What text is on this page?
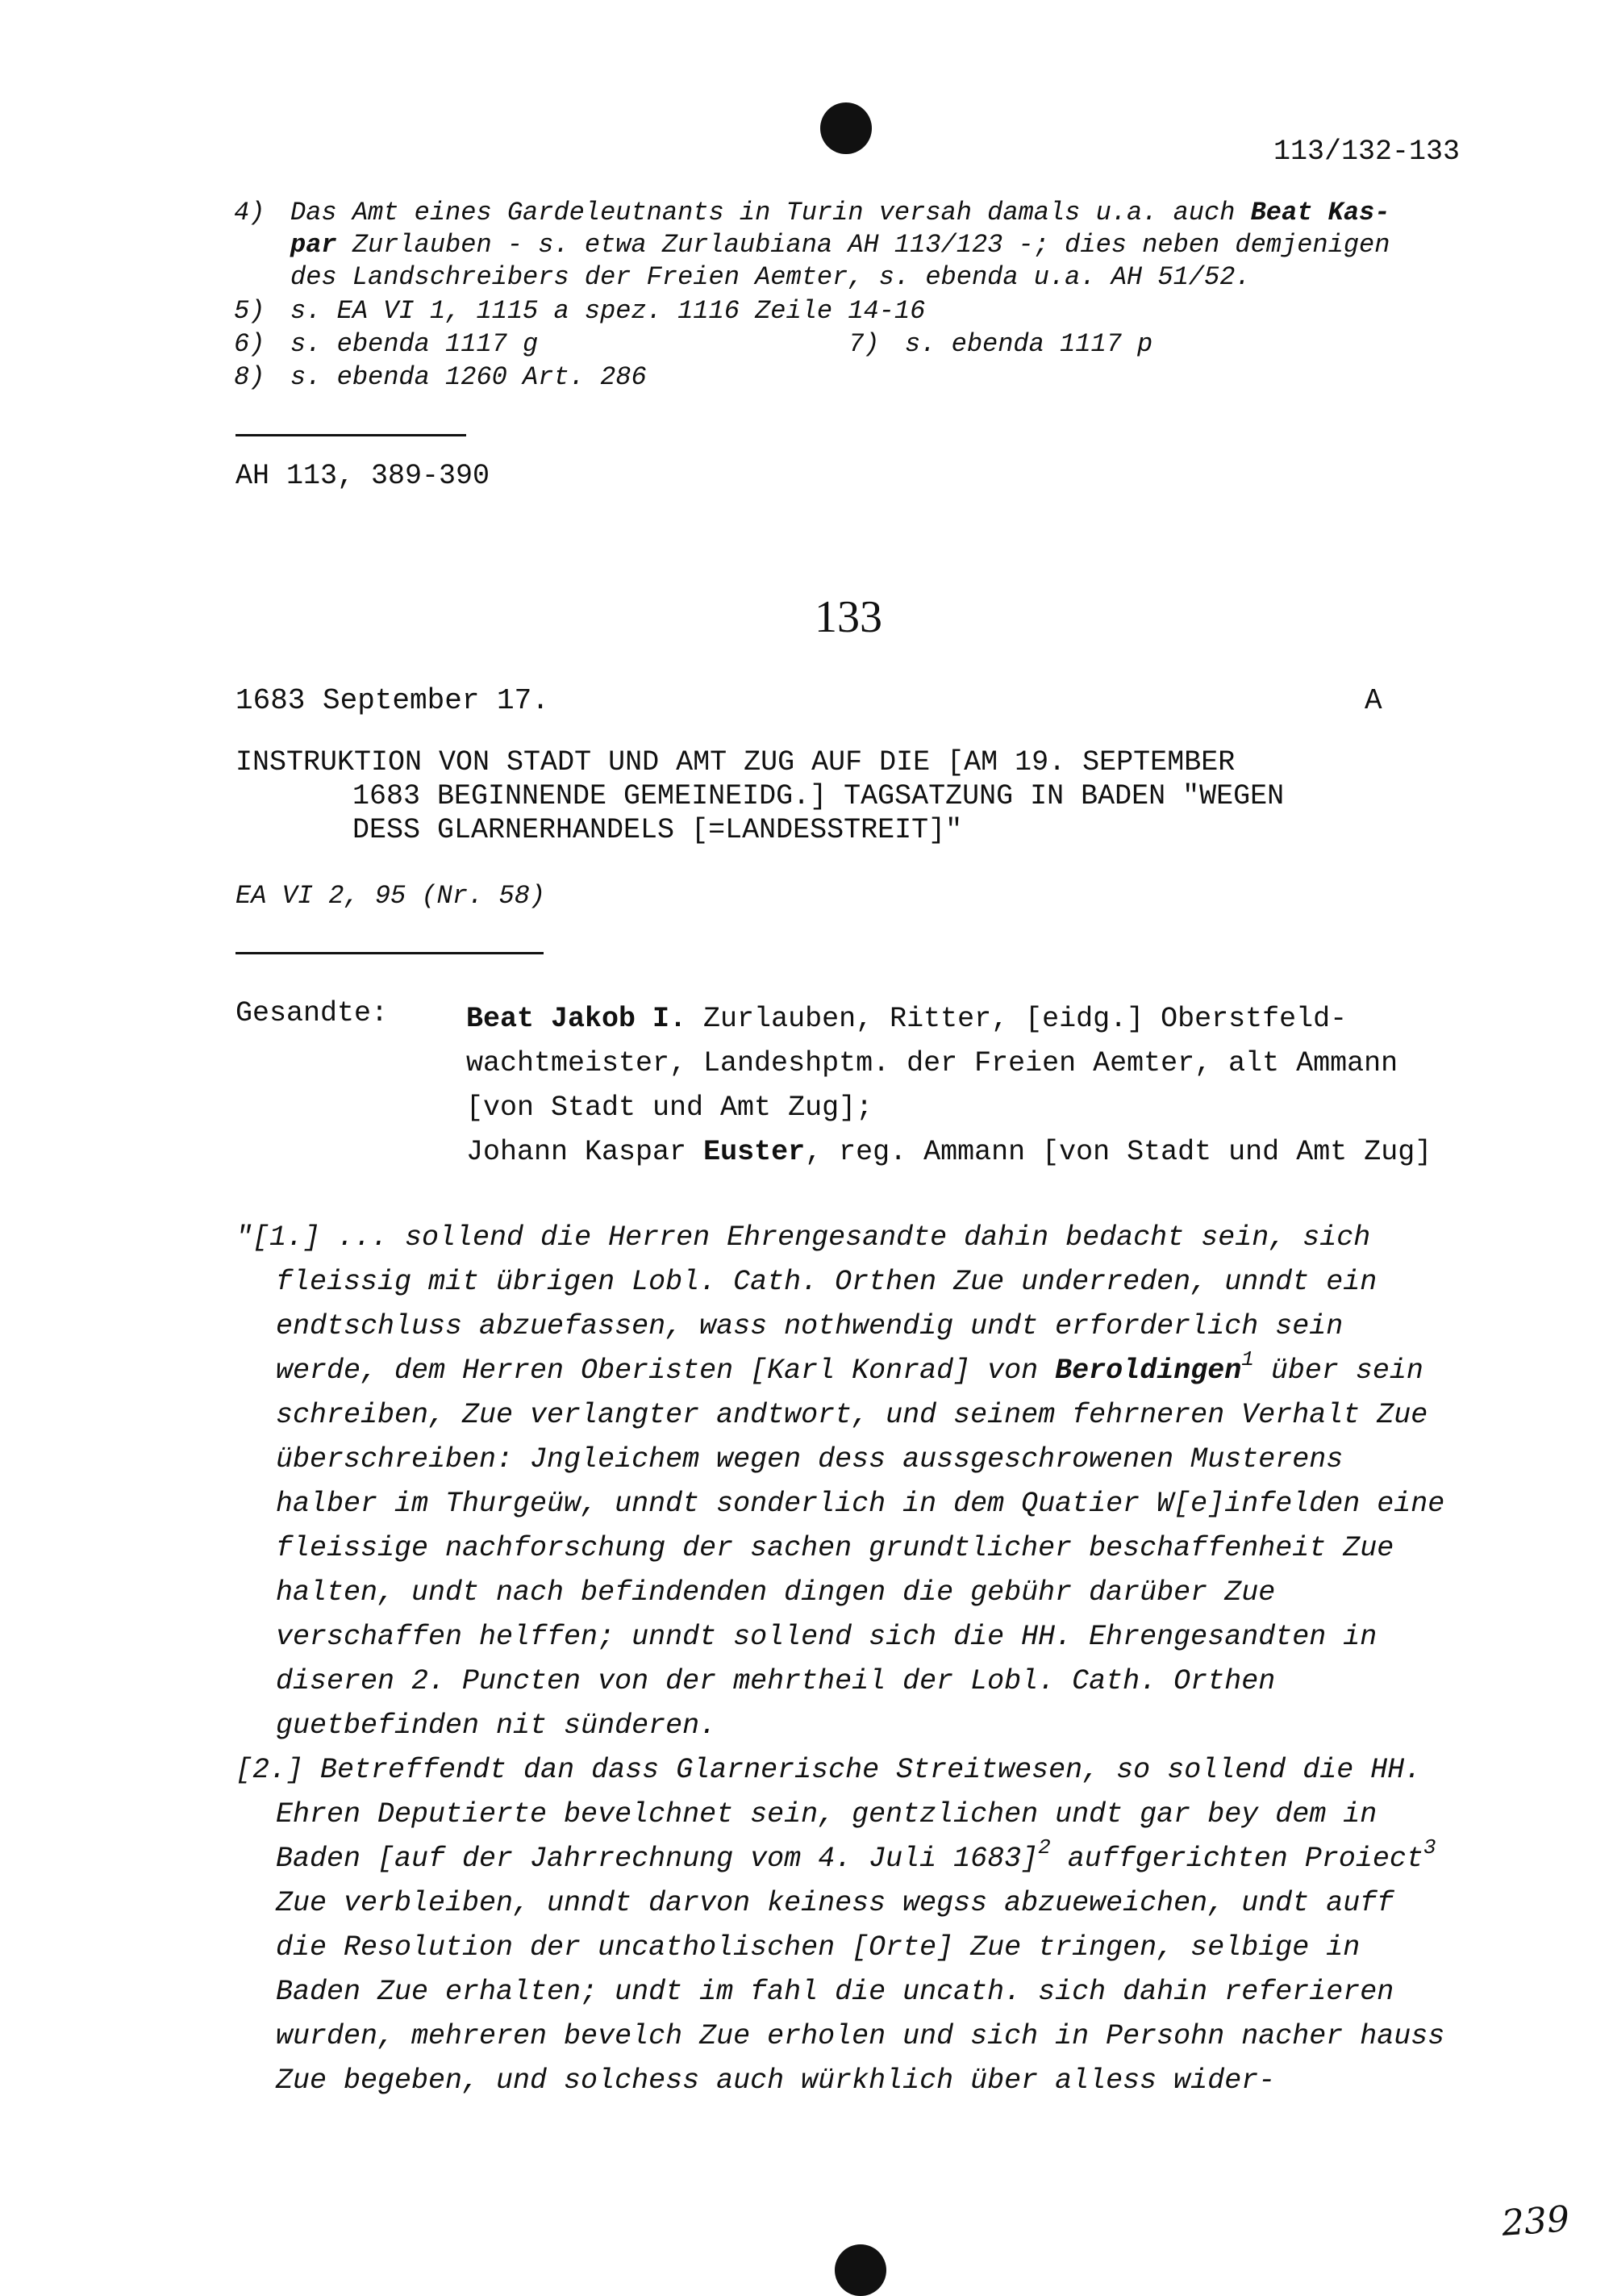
113/132-133
4) Das Amt eines Gardeleutnants in Turin versah damals u.a. auch Beat Kas-
par Zurlauben - s. etwa Zurlaubiana AH 113/123 -; dies neben demjenigen
des Landschreibers der Freien Aemter, s. ebenda u.a. AH 51/52.
5) s. EA VI 1, 1115 a spez. 1116 Zeile 14-16
6) s. ebenda 1117 g	7) s. ebenda 1117 p
8) s. ebenda 1260 Art. 286
AH 113, 389-390
133
1683 September 17.	A
INSTRUKTION VON STADT UND AMT ZUG AUF DIE [AM 19. SEPTEMBER
1683 BEGINNENDE GEMEINEIDG.] TAGSATZUNG IN BADEN "WEGEN
DESS GLARNERHANDELS [=LANDESSTREIT]"
EA VI 2, 95 (Nr. 58)
Gesandte:	Beat Jakob I. Zurlauben, Ritter, [eidg.] Oberstfeld-wachtmeister, Landeshptm. der Freien Aemter, alt Ammann [von Stadt und Amt Zug];

Johann Kaspar Euster, reg. Ammann [von Stadt und Amt Zug]

"[1.] ... sollend die Herren Ehrengesandte dahin bedacht sein, sich fleissig mit übrigen Lobl. Cath. Orthen Zue underreden, unndt ein endtschluss abzuefassen, wass nothwendig undt erforderlich sein werde, dem Herren Oberisten [Karl Konrad] von Beroldingen$^1$ über sein schreiben, Zue verlangter andtwort, und seinem fehrneren Verhalt Zue überschreiben: Jngleichem wegen dess aussgeschrowenen Musterens halber im Thurgeüw, unndt sonderlich in dem Quatier W[e]infelden eine fleissige nachforschung der sachen grundtlicher beschaffenheit Zue halten, undt nach befindenden dingen die gebühr darüber Zue verschaffen helffen; unndt sollend sich die HH. Ehrengesandten in diseren 2. Puncten von der mehrtheil der Lobl. Cath. Orthen guetbefinden nit sünderen.

[2.] Betreffendt dan dass Glarnerische Streitwesen, so sollend die HH. Ehren Deputierte bevelchnet sein, gentzlichen undt gar bey dem in Baden [auf der Jahrrechnung vom 4. Juli 1683]$^2$ auffgerichten Proiect$^3$ Zue verbleiben, unndt darvon keiness wegss abzueweichen, undt auff die Resolution der uncatholischen [Orte] Zue tringen, selbige in Baden Zue erhalten; undt im fahl die uncath. sich dahin referieren wurden, mehreren bevelch Zue erholen und sich in Persohn nacher hauss Zue begeben, und solchess auch würkhlich über alless wider-

239
